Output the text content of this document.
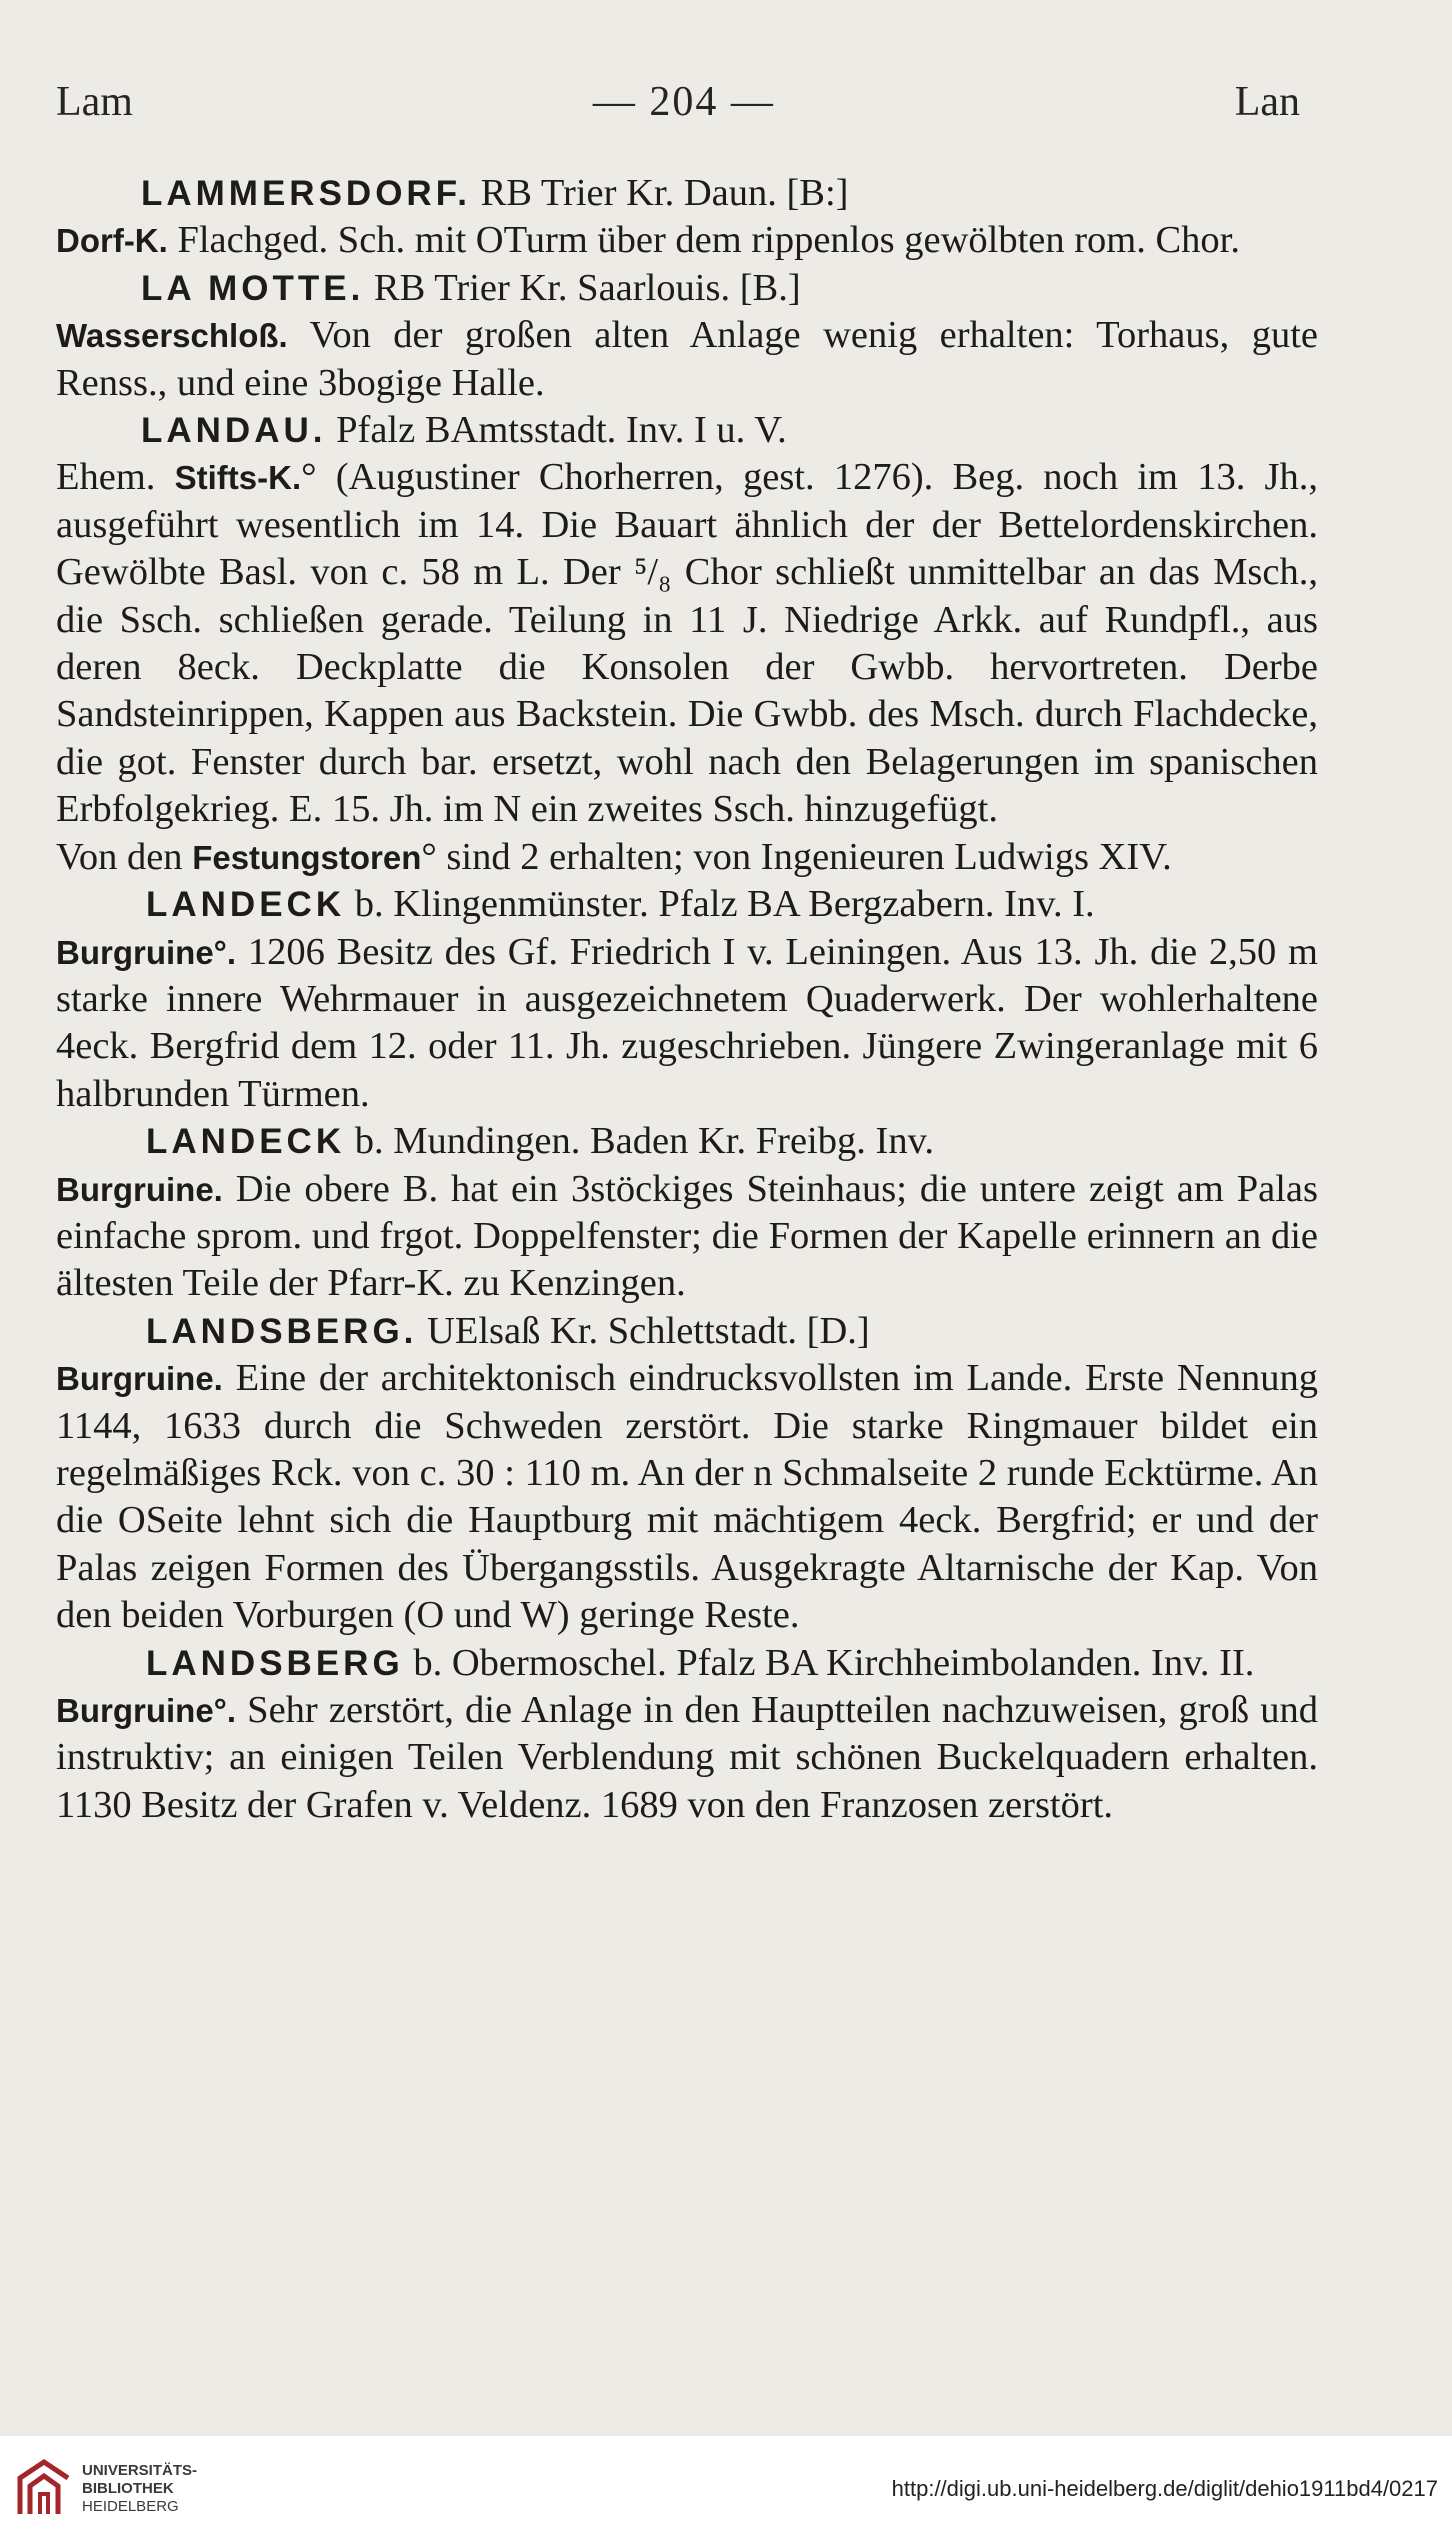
Lam	— 204 —	Lan

LAMMERSDORF. RB Trier Kr. Daun. [B:]

Dorf-K. Flachged. Sch. mit OTurm über dem rippenlos gewölbten rom. Chor.

LA MOTTE. RB Trier Kr. Saarlouis. [B.]

Wasserschloß. Von der großen alten Anlage wenig erhalten: Torhaus, gute Renss., und eine 3bogige Halle.

LANDAU. Pfalz BAmtsstadt. Inv. I u. V.

Ehem. Stifts-K.° (Augustiner Chorherren, gest. 1276). Beg. noch im 13. Jh., ausgeführt wesentlich im 14. Die Bauart ähnlich der der Bettelordenskirchen. Gewölbte Basl. von c. 58 m L. Der ⁵/₈ Chor schließt unmittelbar an das Msch., die Ssch. schließen gerade. Teilung in 11 J. Niedrige Arkk. auf Rundpfl., aus deren 8eck. Deckplatte die Konsolen der Gwbb. hervortreten. Derbe Sandsteinrippen, Kappen aus Backstein. Die Gwbb. des Msch. durch Flachdecke, die got. Fenster durch bar. ersetzt, wohl nach den Belagerungen im spanischen Erbfolgekrieg. E. 15. Jh. im N ein zweites Ssch. hinzugefügt.

Von den Festungstoren° sind 2 erhalten; von Ingenieuren Ludwigs XIV.

LANDECK b. Klingenmünster. Pfalz BA Bergzabern. Inv. I.

Burgruine°. 1206 Besitz des Gf. Friedrich I v. Leiningen. Aus 13. Jh. die 2,50 m starke innere Wehrmauer in ausgezeichnetem Quaderwerk. Der wohlerhaltene 4eck. Bergfrid dem 12. oder 11. Jh. zugeschrieben. Jüngere Zwingeranlage mit 6 halbrunden Türmen.

LANDECK b. Mundingen. Baden Kr. Freibg. Inv.

Burgruine. Die obere B. hat ein 3stöckiges Steinhaus; die untere zeigt am Palas einfache sprom. und frgot. Doppelfenster; die Formen der Kapelle erinnern an die ältesten Teile der Pfarr-K. zu Kenzingen.

LANDSBERG. UElsaß Kr. Schlettstadt. [D.]

Burgruine. Eine der architektonisch eindrucksvollsten im Lande. Erste Nennung 1144, 1633 durch die Schweden zerstört. Die starke Ringmauer bildet ein regelmäßiges Rck. von c. 30 : 110 m. An der n Schmalseite 2 runde Ecktürme. An die OSeite lehnt sich die Hauptburg mit mächtigem 4eck. Bergfrid; er und der Palas zeigen Formen des Übergangsstils. Ausgekragte Altarnische der Kap. Von den beiden Vorburgen (O und W) geringe Reste.

LANDSBERG b. Obermoschel. Pfalz BA Kirchheimbolanden. Inv. II.

Burgruine°. Sehr zerstört, die Anlage in den Hauptteilen nachzuweisen, groß und instruktiv; an einigen Teilen Verblendung mit schönen Buckelquadern erhalten. 1130 Besitz der Grafen v. Veldenz. 1689 von den Franzosen zerstört.

UNIVERSITÄTS-
BIBLIOTHEK
HEIDELBERG
http://digi.ub.uni-heidelberg.de/diglit/dehio1911bd4/0217
